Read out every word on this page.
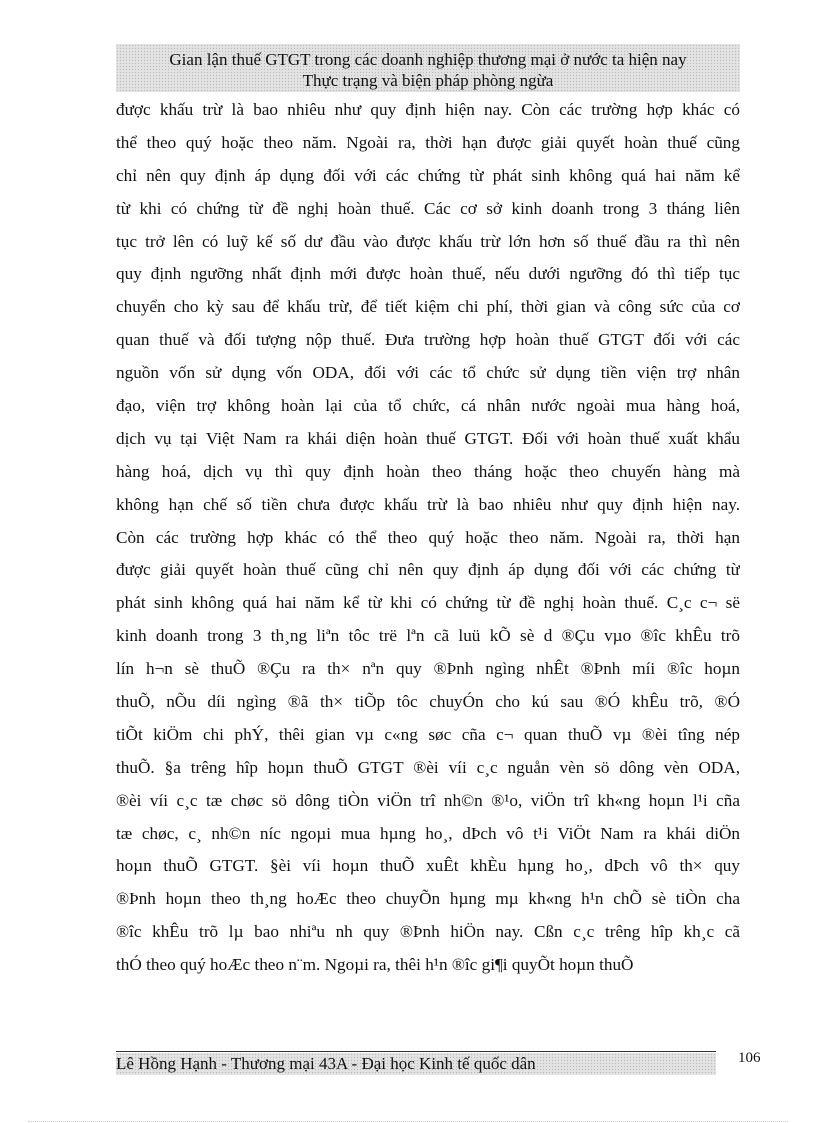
Gian lận thuế GTGT trong các doanh nghiệp thương mại ở nước ta hiện nay
Thực trạng và biện pháp phòng ngừa
được khấu trừ là bao nhiêu như quy định hiện nay. Còn các trường hợp khác có
thể theo quý hoặc theo năm. Ngoài ra, thời hạn được giải quyết hoàn thuế cũng
chỉ nên quy định áp dụng đối với các chứng từ phát sinh không quá hai năm kể
từ khi có chứng từ đề nghị hoàn thuế. Các cơ sở kinh doanh trong 3 tháng liên
tục trở lên có luỹ kế số dư đầu vào được khấu trừ lớn hơn số thuế đầu ra thì nên
quy định ngưỡng nhất định mới được hoàn thuế, nếu dưới ngưỡng đó thì tiếp tục
chuyển cho kỳ sau để khấu trừ, để tiết kiệm chi phí, thời gian và công sức của cơ
quan thuế và đối tượng nộp thuế. Đưa trường hợp hoàn thuế GTGT đối với các
nguồn vốn sử dụng vốn ODA, đối với các tổ chức sử dụng tiền viện trợ nhân
đạo, viện trợ không hoàn lại của tổ chức, cá nhân nước ngoài mua hàng hoá,
dịch vụ tại Việt Nam ra khái diện hoàn thuế GTGT. Đối với hoàn thuế xuất khẩu
hàng hoá, dịch vụ thì quy định hoàn theo tháng hoặc theo chuyến hàng mà
không hạn chế số tiền chưa được khấu trừ là bao nhiêu như quy định hiện nay.
Còn các trường hợp khác có thể theo quý hoặc theo năm. Ngoài ra, thời hạn
được giải quyết hoàn thuế cũng chỉ nên quy định áp dụng đối với các chứng từ
phát sinh không quá hai năm kể từ khi có chứng từ đề nghị hoàn thuế. C¸c c¬ së
kinh doanh trong 3 th¸ng liªn tôc trë lªn cã luü kÕ sè d ®Çu vµo ®îc khÊu trõ
lín h¬n sè thuÕ ®Çu ra th× nªn quy ®Þnh ngìng nhÊt ®Þnh míi ®îc hoµn
thuÕ, nÕu díi ngìng ®ã th× tiÕp tôc chuyÓn cho kú sau ®Ó khÊu trõ, ®Ó
tiÕt kiÖm chi phÝ, thêi gian vµ c«ng søc cña c¬ quan thuÕ vµ ®èi tîng nép
thuÕ. §a trêng hîp hoµn thuÕ GTGT ®èi víi c¸c nguån vèn sö dông vèn ODA,
®èi víi c¸c tæ chøc sö dông tiÒn viÖn trî nh©n ®¹o, viÖn trî kh«ng hoµn l¹i cña
tæ chøc, c¸ nh©n níc ngoµi mua hµng ho¸, dÞch vô t¹i ViÖt Nam ra khái diÖn
hoµn thuÕ GTGT. §èi víi hoµn thuÕ xuÊt khÈu hµng ho¸, dÞch vô th× quy
®Þnh hoµn theo th¸ng hoÆc theo chuyÕn hµng mµ kh«ng h¹n chÕ sè tiÒn cha
®îc khÊu trõ lµ bao nhiªu nh quy ®Þnh hiÖn nay. Cßn c¸c trêng hîp kh¸c cã
thÓ theo quý hoÆc theo n¨m. Ngoµi ra, thêi h¹n ®îc gi¶i quyÕt hoµn thuÕ
Lê Hồng Hạnh - Thương mại 43A - Đại học Kinh tế quốc dân	106
